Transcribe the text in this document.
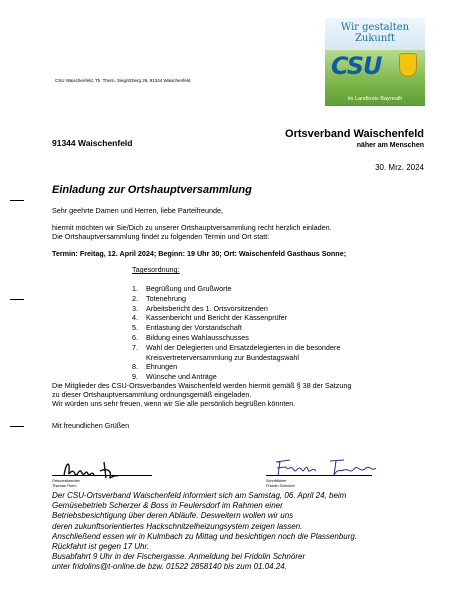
Wir gestalten
Zukunft
CSU
im Landkreis Bayreuth
CSU Waischenfeld, Th. Thern, Siegritzberg 26, 91344 Waischenfeld
91344 Waischenfeld
Ortsverband Waischenfeld
näher am Menschen
30. Mrz. 2024
Einladung zur Ortshauptversammlung
Sehr geehrte Damen und Herren, liebe Parteifreunde,
hiermit möchten wir Sie/Dich zu unserer Ortshauptversammlung recht herzlich einladen.
Die Ortshauptversammlung findet zu folgenden Termin und Ort statt:
Termin: Freitag, 12. April 2024; Beginn: 19 Uhr 30; Ort: Waischenfeld Gasthaus Sonne;
Tagesordnung:
1. Begrüßung und Grußworte
2. Totenehrung
3. Arbeitsbericht des 1. Ortsvorsitzenden
4. Kassenbericht und Bericht der Kassenprüfer
5. Entlastung der Vorstandschaft
6. Bildung eines Wahlausschusses
7. Wahl der Delegierten und Ersatzdelegierten in die besondere Kreisvertreterversammlung zur Bundestagswahl
8. Ehrungen
9. Wünsche und Anträge
Die Mitglieder des CSU-Ortsverbandes Waischenfeld werden hiermit gemäß § 38 der Satzung
zu dieser Ortshauptversammlung ordnungsgemäß eingeladen.
Wir würden uns sehr freuen, wenn wir Sie alle persönlich begrüßen könnten.
Mit freundlichen Grüßen
Ortsvorsitzender
Thomas Thern
Schriftführer
Fridolin Schnörer
Der CSU-Ortsverband Waischenfeld informiert sich am Samstag, 06. April 24, beim
Gemüsebetrieb Scherzer & Boss in Feulersdorf im Rahmen einer
Betriebsbesichtigung über deren Abläufe. Desweitern wollen wir uns
deren zukunftsorientiertes Hackschnitzelheizungsystem zeigen lassen.
Anschließend essen wir in Kulmbach zu Mittag und besichtigen noch die Plassenburg.
Rückfahrt ist gegen 17 Uhr.
Busabfahrt 9 Uhr in der Fischergasse. Anmeldung bei Fridolin Schnörer
unter fridolins@t-online.de bzw. 01522 2858140 bis zum 01.04.24.
